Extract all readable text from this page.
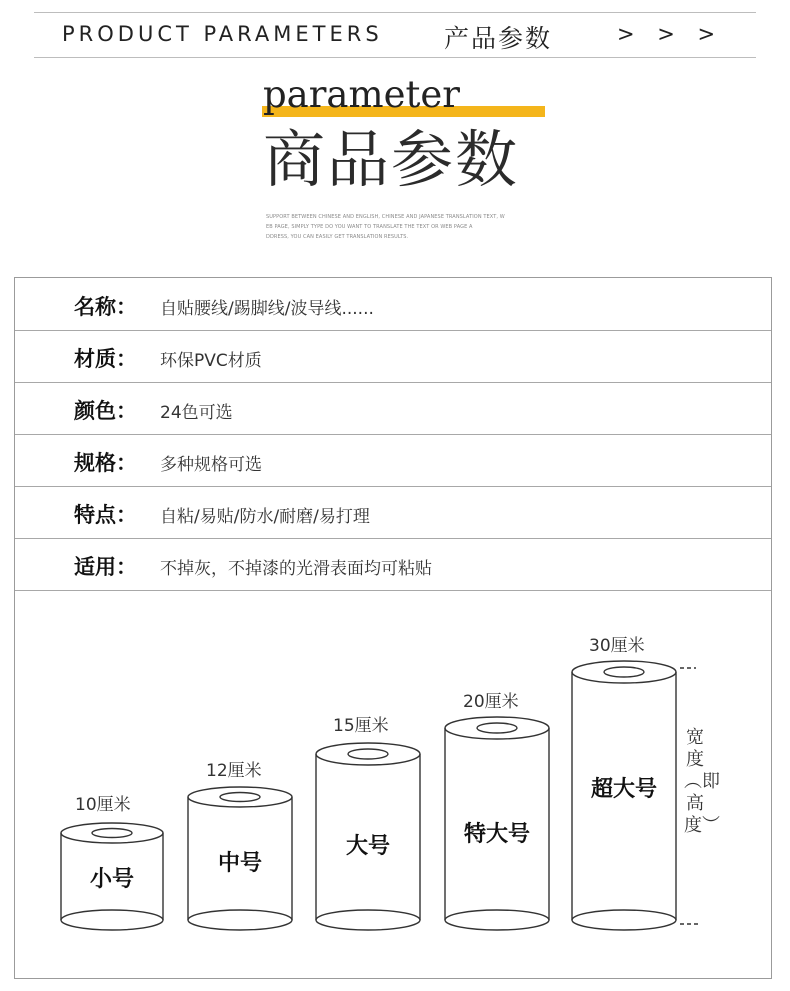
PRODUCT PARAMETERS 产品参数	> > >
parameter
商品参数
SUPPORT BETWEEN CHINESE AND ENGLISH, CHINESE AND JAPANESE TRANSLATION TEXT, W
EB PAGE, SIMPLY TYPE DO YOU WANT TO TRANSLATE THE TEXT OR WEB PAGE A
DDRESS, YOU CAN EASILY GET TRANSLATION RESULTS.
名称： 自贴腰线/踢脚线/波导线......
材质： 环保PVC材质
颜色： 24色可选
规格： 多种规格可选
特点： 自粘/易贴/防水/耐磨/易打理
适用： 不掉灰，不掉漆的光滑表面均可粘贴
10厘米
12厘米
15厘米
20厘米
30厘米
小号
中号
大号	特大号
超大号
宽度︵即高度︶
